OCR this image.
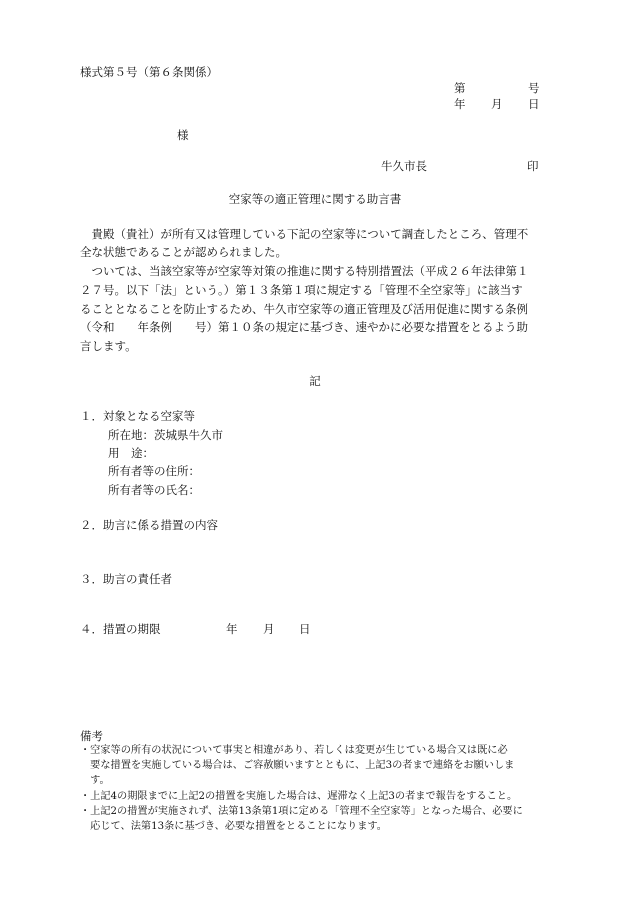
様式第５号（第６条関係）
第	号
年 月 日
様
牛久市長	印
空家等の適正管理に関する助言書
　貴殿（貴社）が所有又は管理している下記の空家等について調査したところ、管理不
全な状態であることが認められました。
　ついては、当該空家等が空家等対策の推進に関する特別措置法（平成２６年法律第１
２７号。以下「法」という。）第１３条第１項に規定する「管理不全空家等」に該当す
ることとなることを防止するため、牛久市空家等の適正管理及び活用促進に関する条例
（令和　　年条例　　号）第１０条の規定に基づき、速やかに必要な措置をとるよう助
言します。
記
１．対象となる空家等
所在地：茨城県牛久市
用　途：
所有者等の住所：
所有者等の氏名：
２．助言に係る措置の内容
３．助言の責任者
４．措置の期限	年 月 日
備考
・空家等の所有の状況について事実と相違があり、若しくは変更が生じている場合又は既に必
　要な措置を実施している場合は、ご容赦願いますとともに、上記3の者まで連絡をお願いしま
　す。
・上記4の期限までに上記2の措置を実施した場合は、遅滞なく上記3の者まで報告をすること。
・上記2の措置が実施されず、法第13条第1項に定める「管理不全空家等」となった場合、必要に
　応じて、法第13条に基づき、必要な措置をとることになります。
